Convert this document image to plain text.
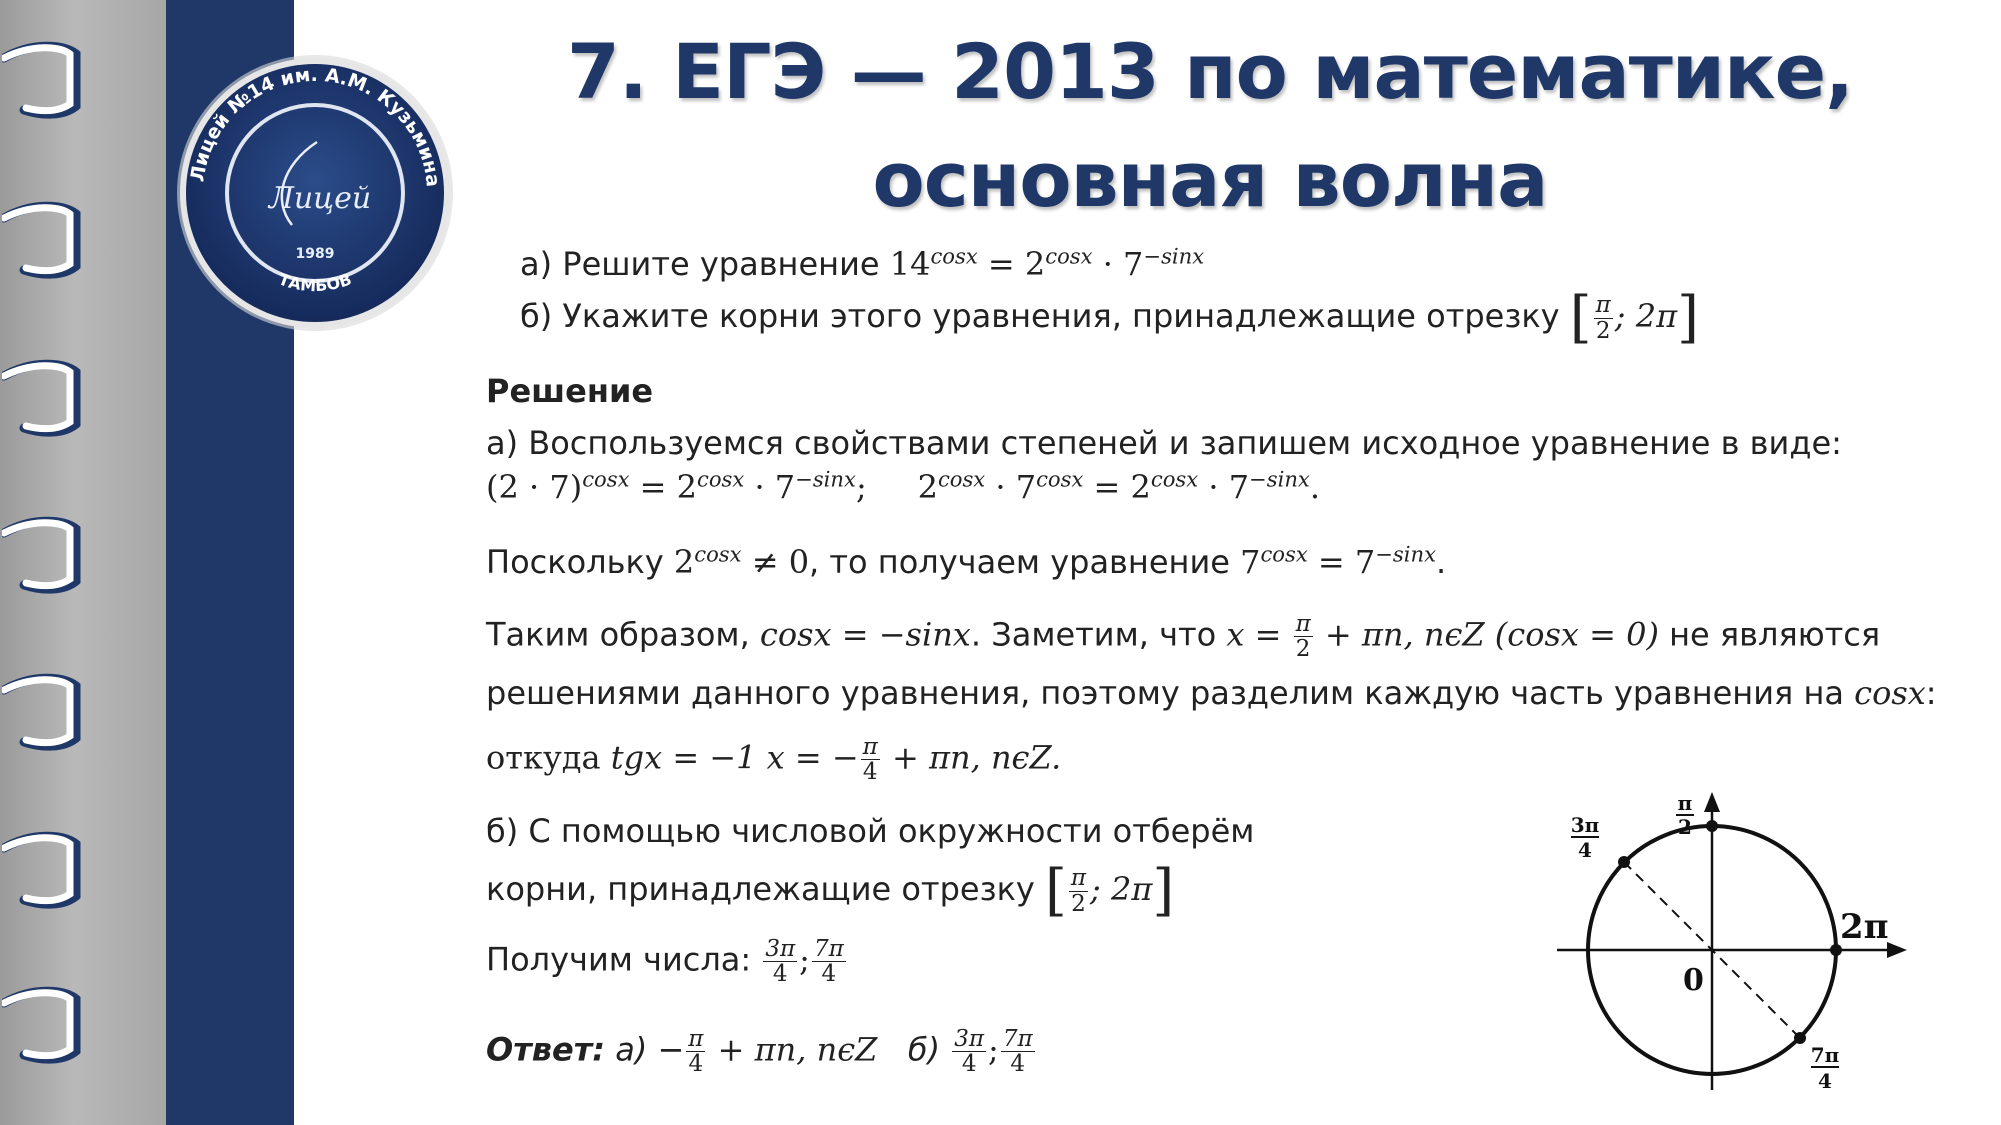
Лицей №14 им. А.М. Кузьмина
ТАМБОВ
Лицей
1989
7. ЕГЭ — 2013 по математике,
основная волна
а) Решите уравнение $14^{cosx} = 2^{cosx} \cdot 7^{-sinx}$
б) Укажите корни этого уравнения, принадлежащие отрезку [ $\frac{\pi}{2}$ ; 2π]
Решение
а) Воспользуемся свойствами степеней и запишем исходное уравнение в виде:
$(2 \cdot 7)^{cosx} = 2^{cosx} \cdot 7^{-sinx}$;     $2^{cosx} \cdot 7^{cosx} = 2^{cosx} \cdot 7^{-sinx}$.
Поскольку $2^{cosx} \ne 0$, то получаем уравнение $7^{cosx} = 7^{-sinx}$.
Таким образом, cosx = −sinx. Заметим, что $x = \frac{\pi}{2} + \pi n$, nϵZ (cosx = 0) не являются
решениями данного уравнения, поэтому разделим каждую часть уравнения на cosx:
откуда tgx = −1 x = − $\frac{\pi}{4} + \pi n$, nϵZ.
б) С помощью числовой окружности отберём
корни, принадлежащие отрезку [ $\frac{\pi}{2}$ ; 2π]
Получим числа: $\frac{3\pi}{4}$ ; $\frac{7\pi}{4}$
Ответ: $а) - \frac{\pi}{4} + \pi n$, nϵZ   $б) \frac{3\pi}{4}$ ; $\frac{7\pi}{4}$
π
2
2π
0
3π
4
7π
4
